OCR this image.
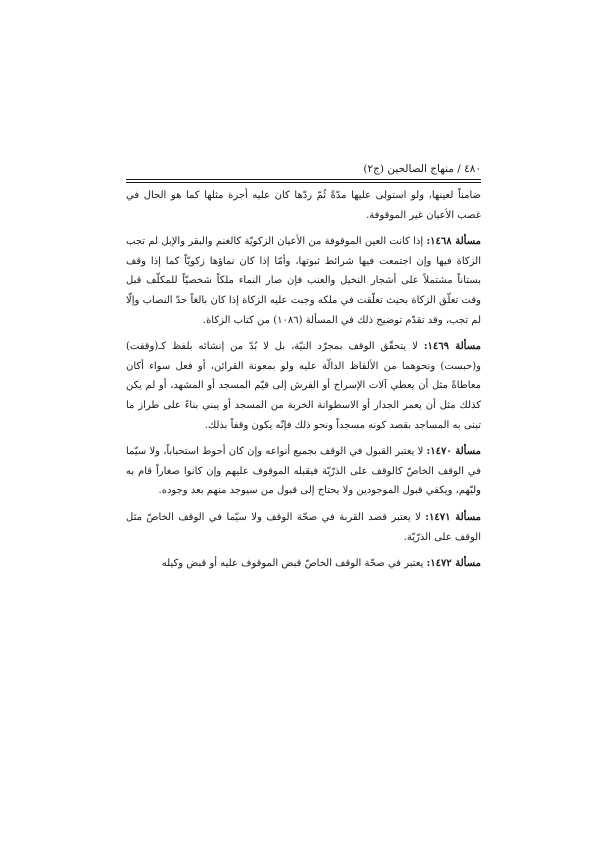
٤٨٠ / منهاج الصالحين (ج٢)

ضامناً لعينها، ولو استولى عليها مدّةً ثُمّ ردّها كان عليه أجرة مثلها كما هو الحال في غصب الأعيان غير الموقوفة.

مسألة ١٤٦٨: إذا كانت العين الموقوفة من الأعيان الزكويّة كالغنم والبقر والإبل لم تجب الزكاة فيها وإن اجتمعت فيها شرائط ثبوتها، وأمّا إذا كان نماؤها زكويّاً كما إذا وقف بستاناً مشتملاً على أشجار النخيل والعنب فإن صار النماء ملكاً شخصيّاً للمكلّف قبل وقت تعلّق الزكاة بحيث تعلّقت في ملكه وجبت عليه الزكاة إذا كان بالغاً حدّ النصاب وإلّا لم تجب، وقد تقدّم توضيح ذلك في المسألة (١٠٨٦) من كتاب الزكاة.

مسألة ١٤٦٩: لا يتحقّق الوقف بمجرّد النيّة، بل لا بُدّ من إنشائه بلفظ كـ(وقفت) و(حبست) ونحوهما من الألفاظ الدالّة عليه ولو بمعونة القرائن، أو فعل سواء أكان معاطاةً مثل أن يعطي آلات الإسراج أو الفرش إلى قيّم المسجد أو المشهد، أو لم يكن كذلك مثل أن يعمر الجدار أو الاسطوانة الخربة من المسجد أو يبني بناءً على طراز ما تبنى به المساجد بقصد كونه مسجداً ونحو ذلك فإنّه يكون وقفاً بذلك.

مسألة ١٤٧٠: لا يعتبر القبول في الوقف بجميع أنواعه وإن كان أحوط استحباباً، ولا سيّما في الوقف الخاصّ كالوقف على الذرّيّة فيقبله الموقوف عليهم وإن كانوا صغاراً قام به وليّهم، ويكفي قبول الموجودين ولا يحتاج إلى قبول من سيوجد منهم بعد وجوده.

مسألة ١٤٧١: لا يعتبر قصد القربة في صحّة الوقف ولا سيّما في الوقف الخاصّ مثل الوقف على الذرّيّة.

مسألة ١٤٧٢: يعتبر في صحّة الوقف الخاصّ قبض الموقوف عليه أو قبض وكيله
